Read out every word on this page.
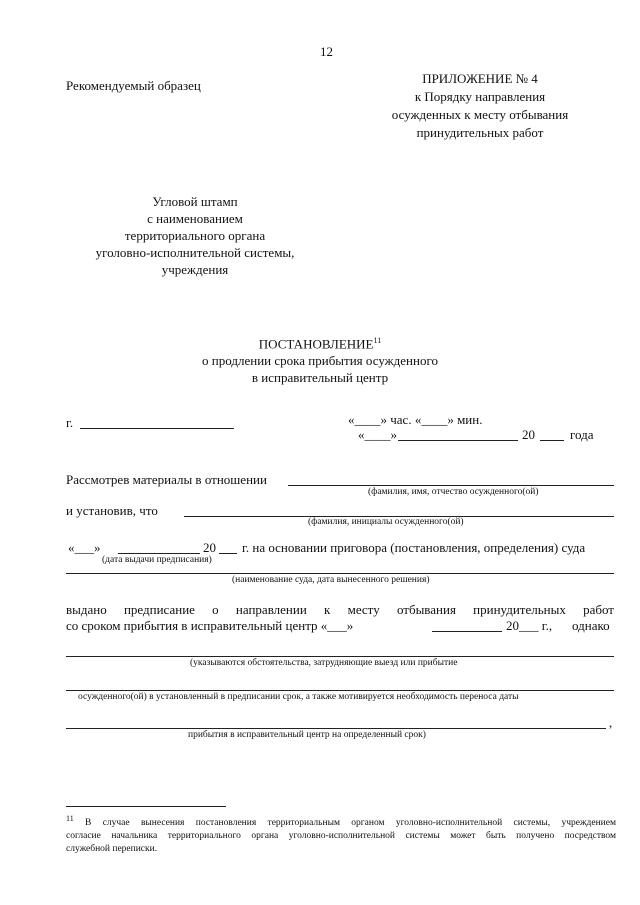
12
Рекомендуемый образец	ПРИЛОЖЕНИЕ № 4
к Порядку направления
осужденных к месту отбывания
принудительных работ
Угловой штамп
с наименованием
территориального органа
уголовно-исполнительной системы,
учреждения
ПОСТАНОВЛЕНИЕ$^{11}$
о продлении срока прибытия осужденного
в исправительный центр
г.	«____» час. «____» мин.
«____»	20	года
Рассмотрев материалы в отношении
(фамилия, имя, отчество осужденного(ой)
и установив, что
(фамилия, инициалы осужденного(ой)
«___»	20 г. на основании приговора (постановления, определения) суда
(дата выдачи предписания)
(наименование суда, дата вынесенного решения)
выдано предписание о направлении к месту отбывания принудительных работ
со сроком прибытия в исправительный центр «___»	20___ г., однако
(указываются обстоятельства, затрудняющие выезд или прибытие
осужденного(ой) в установленный в предписании срок, а также мотивируется необходимость переноса даты
,
прибытия в исправительный центр на определенный срок)
$^{11}$ В случае вынесения постановления территориальным органом уголовно-исполнительной системы, учреждением
согласие начальника территориального органа уголовно-исполнительной системы может быть получено посредством
служебной переписки.
